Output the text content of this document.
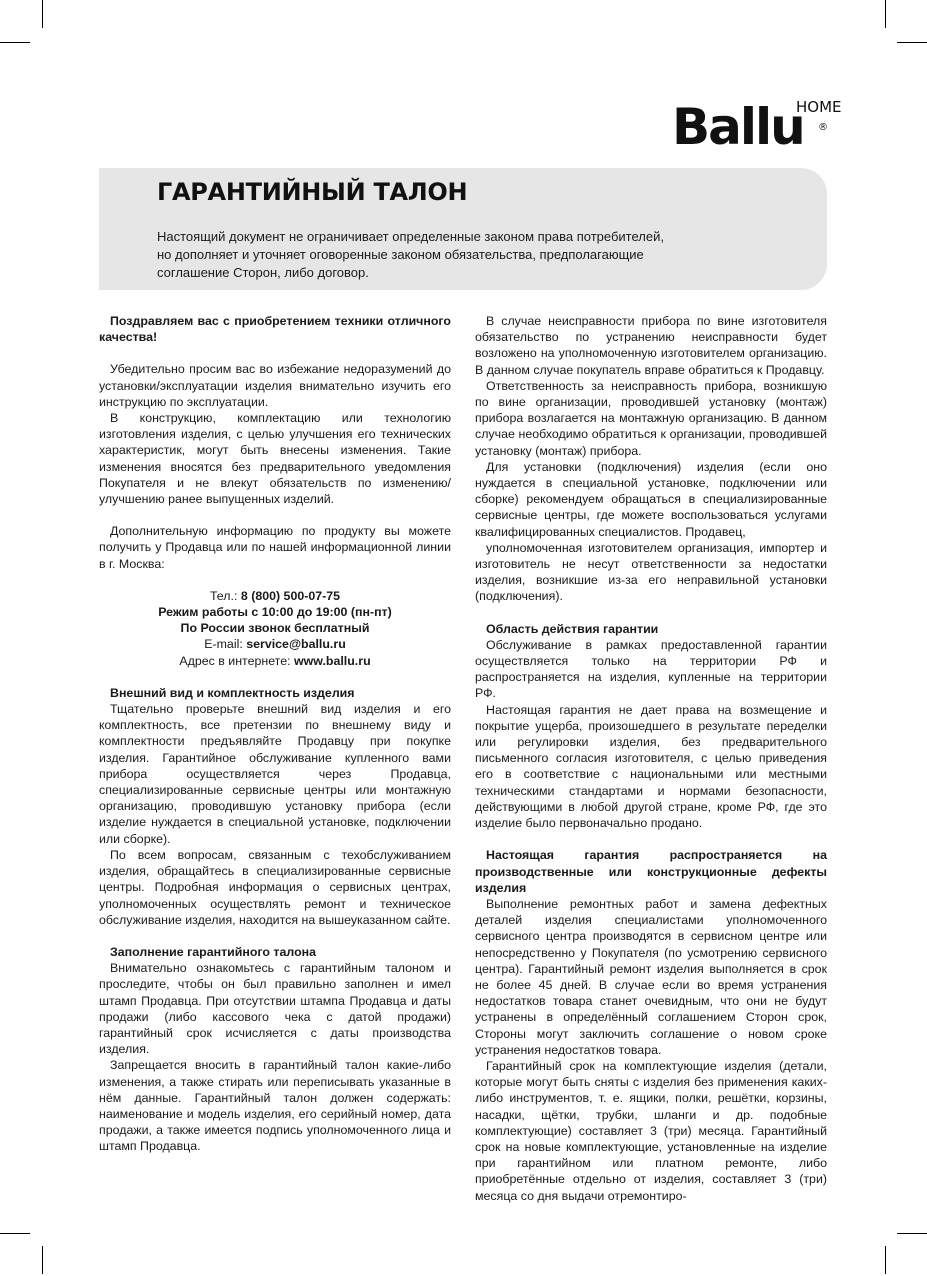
Ballu
HOME
®
ГАРАНТИЙНЫЙ ТАЛОН

Настоящий документ не ограничивает определенные законом права потребителей,
но дополняет и уточняет оговоренные законом обязательства, предполагающие
соглашение Сторон, либо договор.

Поздравляем вас с приобретением техники отличного качества!

Убедительно просим вас во избежание недоразумений до установки/эксплуатации изделия внимательно изучить его инструкцию по эксплуатации.

В конструкцию, комплектацию или технологию изготовления изделия, с целью улучшения его технических характеристик, могут быть внесены изменения. Такие изменения вносятся без предварительного уведомления Покупателя и не влекут обязательств по изменению/улучшению ранее выпущенных изделий.

Дополнительную информацию по продукту вы можете получить у Продавца или по нашей информационной линии в г. Москва:

Тел.: 8 (800) 500-07-75
Режим работы с 10:00 до 19:00 (пн-пт)
По России звонок бесплатный
E-mail: service@ballu.ru
Адрес в интернете: www.ballu.ru
Внешний вид и комплектность изделия

Тщательно проверьте внешний вид изделия и его комплектность, все претензии по внешнему виду и комплектности предъявляйте Продавцу при покупке изделия. Гарантийное обслуживание купленного вами прибора осуществляется через Продавца, специализированные сервисные центры или монтажную организацию, проводившую установку прибора (если изделие нуждается в специальной установке, подключении или сборке).

По всем вопросам, связанным с техобслуживанием изделия, обращайтесь в специализированные сервисные центры. Подробная информация о сервисных центрах, уполномоченных осуществлять ремонт и техническое обслуживание изделия, находится на вышеуказанном сайте.

Заполнение гарантийного талона

Внимательно ознакомьтесь с гарантийным талоном и проследите, чтобы он был правильно заполнен и имел штамп Продавца. При отсутствии штампа Продавца и даты продажи (либо кассового чека с датой продажи) гарантийный срок исчисляется с даты производства изделия.

Запрещается вносить в гарантийный талон какие-либо изменения, а также стирать или переписывать указанные в нём данные. Гарантийный талон должен содержать: наименование и модель изделия, его серийный номер, дата продажи, а также имеется подпись уполномоченного лица и штамп Продавца.

В случае неисправности прибора по вине изготовителя обязательство по устранению неисправности будет возложено на уполномоченную изготовителем организацию. В данном случае покупатель вправе обратиться к Продавцу.

Ответственность за неисправность прибора, возникшую по вине организации, проводившей установку (монтаж) прибора возлагается на монтажную организацию. В данном случае необходимо обратиться к организации, проводившей установку (монтаж) прибора.

Для установки (подключения) изделия (если оно нуждается в специальной установке, подключении или сборке) рекомендуем обращаться в специализированные сервисные центры, где можете воспользоваться услугами квалифицированных специалистов. Продавец,

уполномоченная изготовителем организация, импортер и изготовитель не несут ответственности за недостатки изделия, возникшие из-за его неправильной установки (подключения).

Область действия гарантии

Обслуживание в рамках предоставленной гарантии осуществляется только на территории РФ и распространяется на изделия, купленные на территории РФ.

Настоящая гарантия не дает права на возмещение и покрытие ущерба, произошедшего в результате переделки или регулировки изделия, без предварительного письменного согласия изготовителя, с целью приведения его в соответствие с национальными или местными техническими стандартами и нормами безопасности, действующими в любой другой стране, кроме РФ, где это изделие было первоначально продано.

Настоящая гарантия распространяется на производственные или конструкционные дефекты изделия

Выполнение ремонтных работ и замена дефектных деталей изделия специалистами уполномоченного сервисного центра производятся в сервисном центре или непосредственно у Покупателя (по усмотрению сервисного центра). Гарантийный ремонт изделия выполняется в срок не более 45 дней. В случае если во время устранения недостатков товара станет очевидным, что они не будут устранены в определённый соглашением Сторон срок, Стороны могут заключить соглашение о новом сроке устранения недостатков товара.

Гарантийный срок на комплектующие изделия (детали, которые могут быть сняты с изделия без применения каких-либо инструментов, т. е. ящики, полки, решётки, корзины, насадки, щётки, трубки, шланги и др. подобные комплектующие) составляет 3 (три) месяца. Гарантийный срок на новые комплектующие, установленные на изделие при гарантийном или платном ремонте, либо приобретённые отдельно от изделия, составляет 3 (три) месяца со дня выдачи отремонтиро-
